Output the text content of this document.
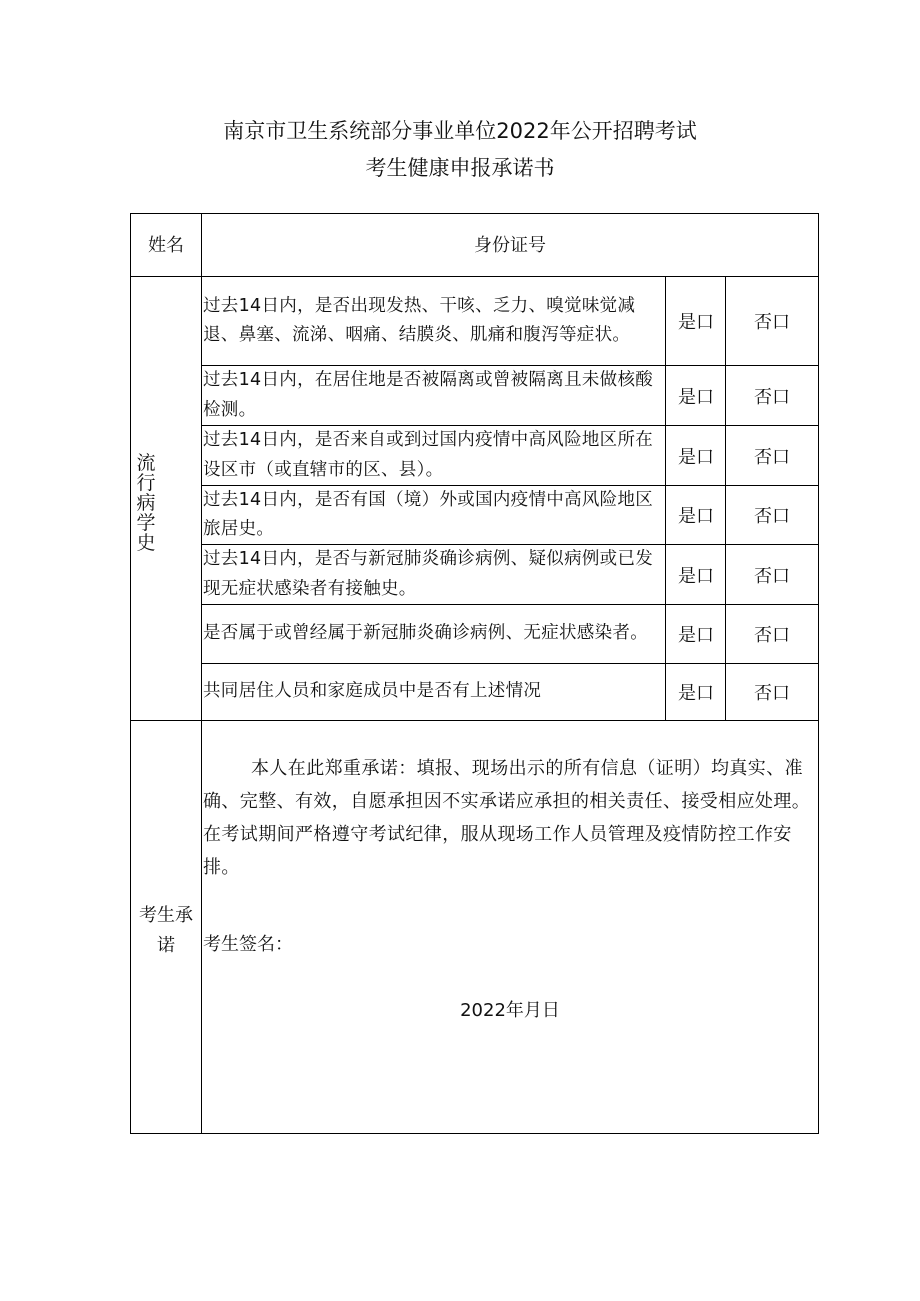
南京市卫生系统部分事业单位2022年公开招聘考试
考生健康申报承诺书
姓名	身份证号
流行病学史
过去14日内，是否出现发热、干咳、乏力、嗅觉味觉减退、鼻塞、流涕、咽痛、结膜炎、肌痛和腹泻等症状。
是口	否口
过去14日内，在居住地是否被隔离或曾被隔离且未做核酸检测。
是口	否口
过去14日内，是否来自或到过国内疫情中高风险地区所在设区市（或直辖市的区、县）。
是口	否口
过去14日内，是否有国（境）外或国内疫情中高风险地区旅居史。
是口	否口
过去14日内，是否与新冠肺炎确诊病例、疑似病例或已发现无症状感染者有接触史。
是口	否口
是否属于或曾经属于新冠肺炎确诊病例、无症状感染者。	是口	否口
共同居住人员和家庭成员中是否有上述情况	是口	否口
考生承诺
本人在此郑重承诺：填报、现场出示的所有信息（证明）均真实、准确、完整、有效，自愿承担因不实承诺应承担的相关责任、接受相应处理。在考试期间严格遵守考试纪律，服从现场工作人员管理及疫情防控工作安排。
考生签名：
2022年月日
